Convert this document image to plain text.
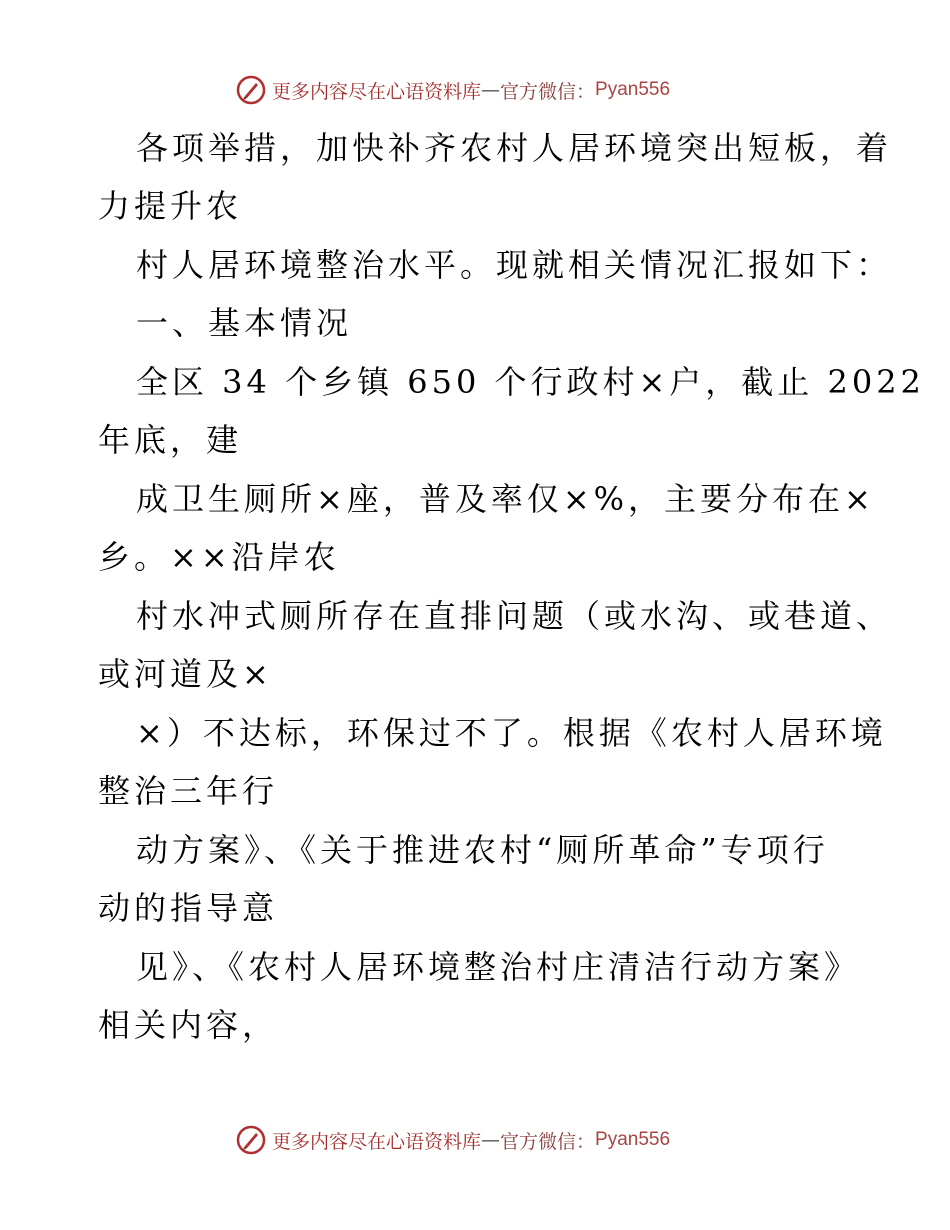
更多内容尽在心语资料库 — 官方微信： Pyan556
各项举措，加快补齐农村人居环境突出短板，着
力提升农
村人居环境整治水平。现就相关情况汇报如下：
一、基本情况
全区 34 个乡镇 650 个行政村×户，截止 2022
年底，建
成卫生厕所×座，普及率仅×%，主要分布在×
乡。××沿岸农
村水冲式厕所存在直排问题（或水沟、或巷道、
或河道及×
×）不达标，环保过不了。根据《农村人居环境
整治三年行
动方案》、《关于推进农村“厕所革命”专项行
动的指导意
见》、《农村人居环境整治村庄清洁行动方案》
相关内容，
更多内容尽在心语资料库 — 官方微信： Pyan556
